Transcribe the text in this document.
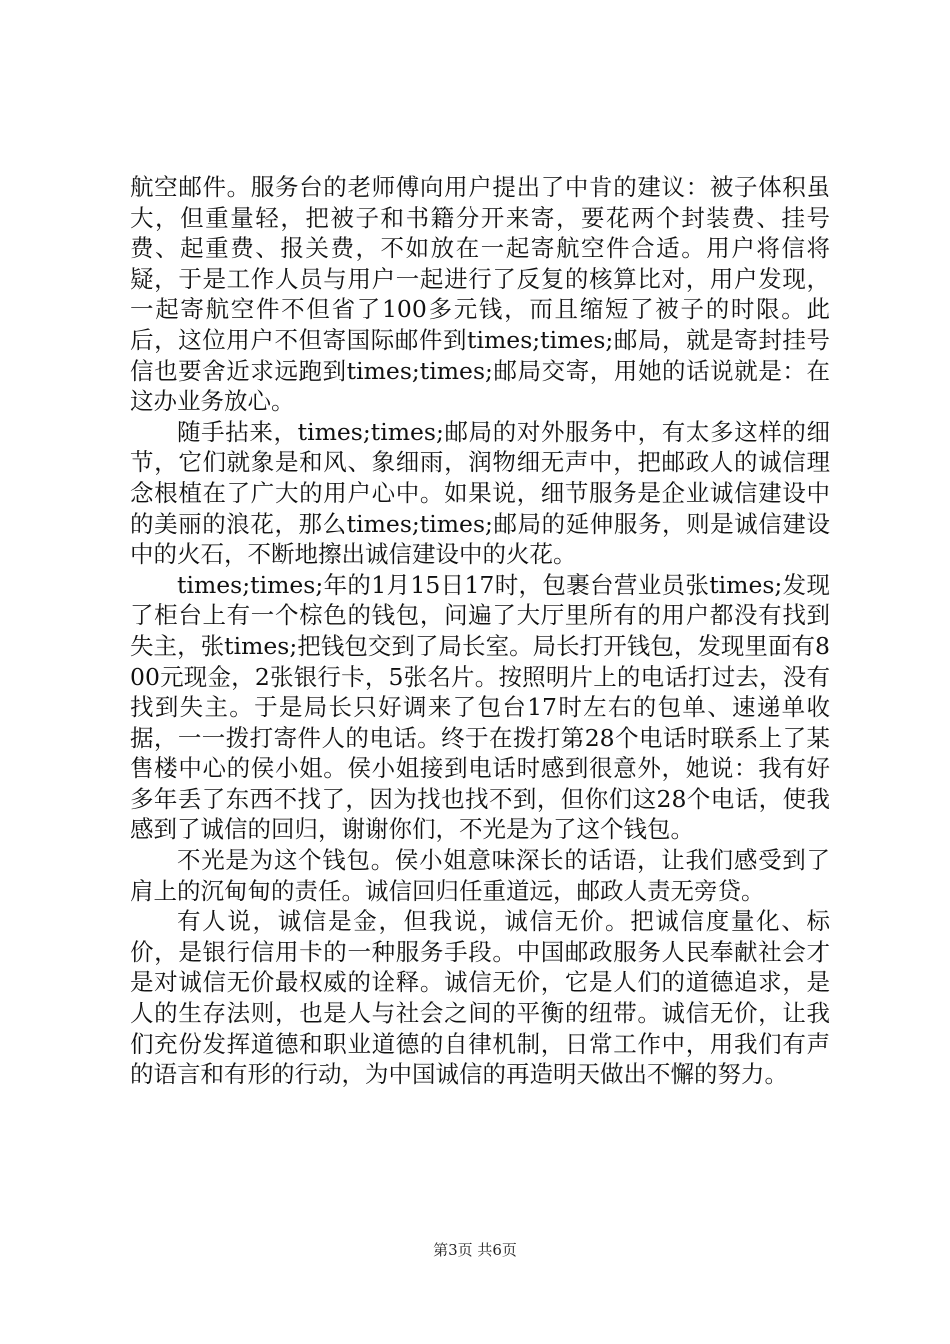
航空邮件。服务台的老师傅向用户提出了中肯的建议：被子体积虽大，但重量轻，把被子和书籍分开来寄，要花两个封装费、挂号费、起重费、报关费，不如放在一起寄航空件合适。用户将信将疑，于是工作人员与用户一起进行了反复的核算比对，用户发现，一起寄航空件不但省了100多元钱，而且缩短了被子的时限。此后，这位用户不但寄国际邮件到times;times;邮局，就是寄封挂号信也要舍近求远跑到times;times;邮局交寄，用她的话说就是：在这办业务放心。

随手拈来，times;times;邮局的对外服务中，有太多这样的细节，它们就象是和风、象细雨，润物细无声中，把邮政人的诚信理念根植在了广大的用户心中。如果说，细节服务是企业诚信建设中的美丽的浪花，那么times;times;邮局的延伸服务，则是诚信建设中的火石，不断地擦出诚信建设中的火花。

times;times;年的1月15日17时，包裹台营业员张times;发现了柜台上有一个棕色的钱包，问遍了大厅里所有的用户都没有找到失主，张times;把钱包交到了局长室。局长打开钱包，发现里面有800元现金，2张银行卡，5张名片。按照明片上的电话打过去，没有找到失主。于是局长只好调来了包台17时左右的包单、速递单收据，一一拨打寄件人的电话。终于在拨打第28个电话时联系上了某售楼中心的侯小姐。侯小姐接到电话时感到很意外，她说：我有好多年丢了东西不找了，因为找也找不到，但你们这28个电话，使我感到了诚信的回归，谢谢你们，不光是为了这个钱包。

不光是为这个钱包。侯小姐意味深长的话语，让我们感受到了肩上的沉甸甸的责任。诚信回归任重道远，邮政人责无旁贷。

有人说，诚信是金，但我说，诚信无价。把诚信度量化、标价，是银行信用卡的一种服务手段。中国邮政服务人民奉献社会才是对诚信无价最权威的诠释。诚信无价，它是人们的道德追求，是人的生存法则，也是人与社会之间的平衡的纽带。诚信无价，让我们充份发挥道德和职业道德的自律机制，日常工作中，用我们有声的语言和有形的行动，为中国诚信的再造明天做出不懈的努力。

第3页 共6页
